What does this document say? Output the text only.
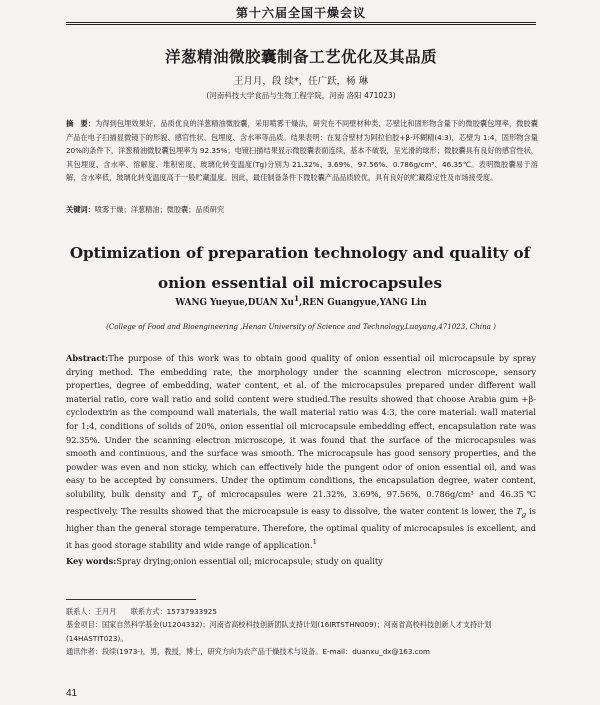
第十六届全国干燥会议
洋葱精油微胶囊制备工艺优化及其品质
王月月，段 续*，任广跃，杨 琳
(河南科技大学食品与生物工程学院，河南 洛阳 471023)
摘　要：为得到包埋效果好、品质优良的洋葱精油微胶囊，采用喷雾干燥法，研究在不同壁材种类、芯壁比和固形物含量下的微胶囊包埋率，微胶囊产品在电子扫描显微镜下的形貌、感官性状、包埋度、含水率等品质。结果表明：在复合壁材为阿拉伯胶+β-环糊精(4:3)，芯壁为 1:4，固形物含量 20%的条件下，洋葱精油微胶囊包埋率为 92.35%；电镜扫描结果显示微胶囊表面连续，基本不破裂，呈光滑的球形；微胶囊具有良好的感官性状，其包埋度、含水率、溶解度、堆积密度、玻璃化转变温度(Tg)分别为 21.32%、3.69%、97.56%、0.786g/cm³、46.35℃。表明微胶囊易于溶解，含水率低，玻璃化转变温度高于一般贮藏温度。因此，最佳制备条件下微胶囊产品品质较优，具有良好的贮藏稳定性及市场接受度。
关键词：喷雾干燥；洋葱精油；微胶囊；品质研究
Optimization of preparation technology and quality of onion essential oil microcapsules
WANG Yueyue,DUAN Xu$^1$,REN Guangyue,YANG Lin
(College of Food and Bioengineering ,Henan University of Science and Technology,Luoyang,471023, China )
Abstract:The purpose of this work was to obtain good quality of onion essential oil microcapsule by spray drying method. The embedding rate, the morphology under the scanning electron microscope, sensory properties, degree of embedding, water content, et al. of the microcapsules prepared under different wall material ratio, core wall ratio and solid content were studied.The results showed that choose Arabia gum +β-cyclodextrin as the compound wall materials, the wall material ratio was 4:3, the core material: wall material for 1:4, conditions of solids of 20%, onion essential oil microcapsule embedding effect, encapsulation rate was 92.35%. Under the scanning electron microscope, it was found that the surface of the microcapsules was smooth and continuous, and the surface was smooth. The microcapsule has good sensory properties, and the powder was even and non sticky, which can effectively hide the pungent odor of onion essential oil, and was easy to be accepted by consumers. Under the optimum conditions, the encapsulation degree, water content, solubility, bulk density and $T_g$ of microcapsules were 21.32%, 3.69%, 97.56%, 0.786g/cm³ and 46.35℃ respectively. The results showed that the microcapsule is easy to dissolve, the water content is lower, the $T_g$ is higher than the general storage temperature. Therefore, the optimal quality of microcapsules is excellent, and it has good storage stability and wide range of application.$^1$
Key words:Spray drying;onion essential oil; microcapsule; study on quality
联系人：王月月　　联系方式：15737933925
基金项目：国家自然科学基金(U1204332)；河南省高校科技创新团队支持计划(16IRTSTHN009)；河南省高校科技创新人才支持计划(14HASTIT023)。
通讯作者：段续(1973-)，男，教授，博士，研究方向为农产品干燥技术与设备。E-mail：duanxu_dx@163.com
41
